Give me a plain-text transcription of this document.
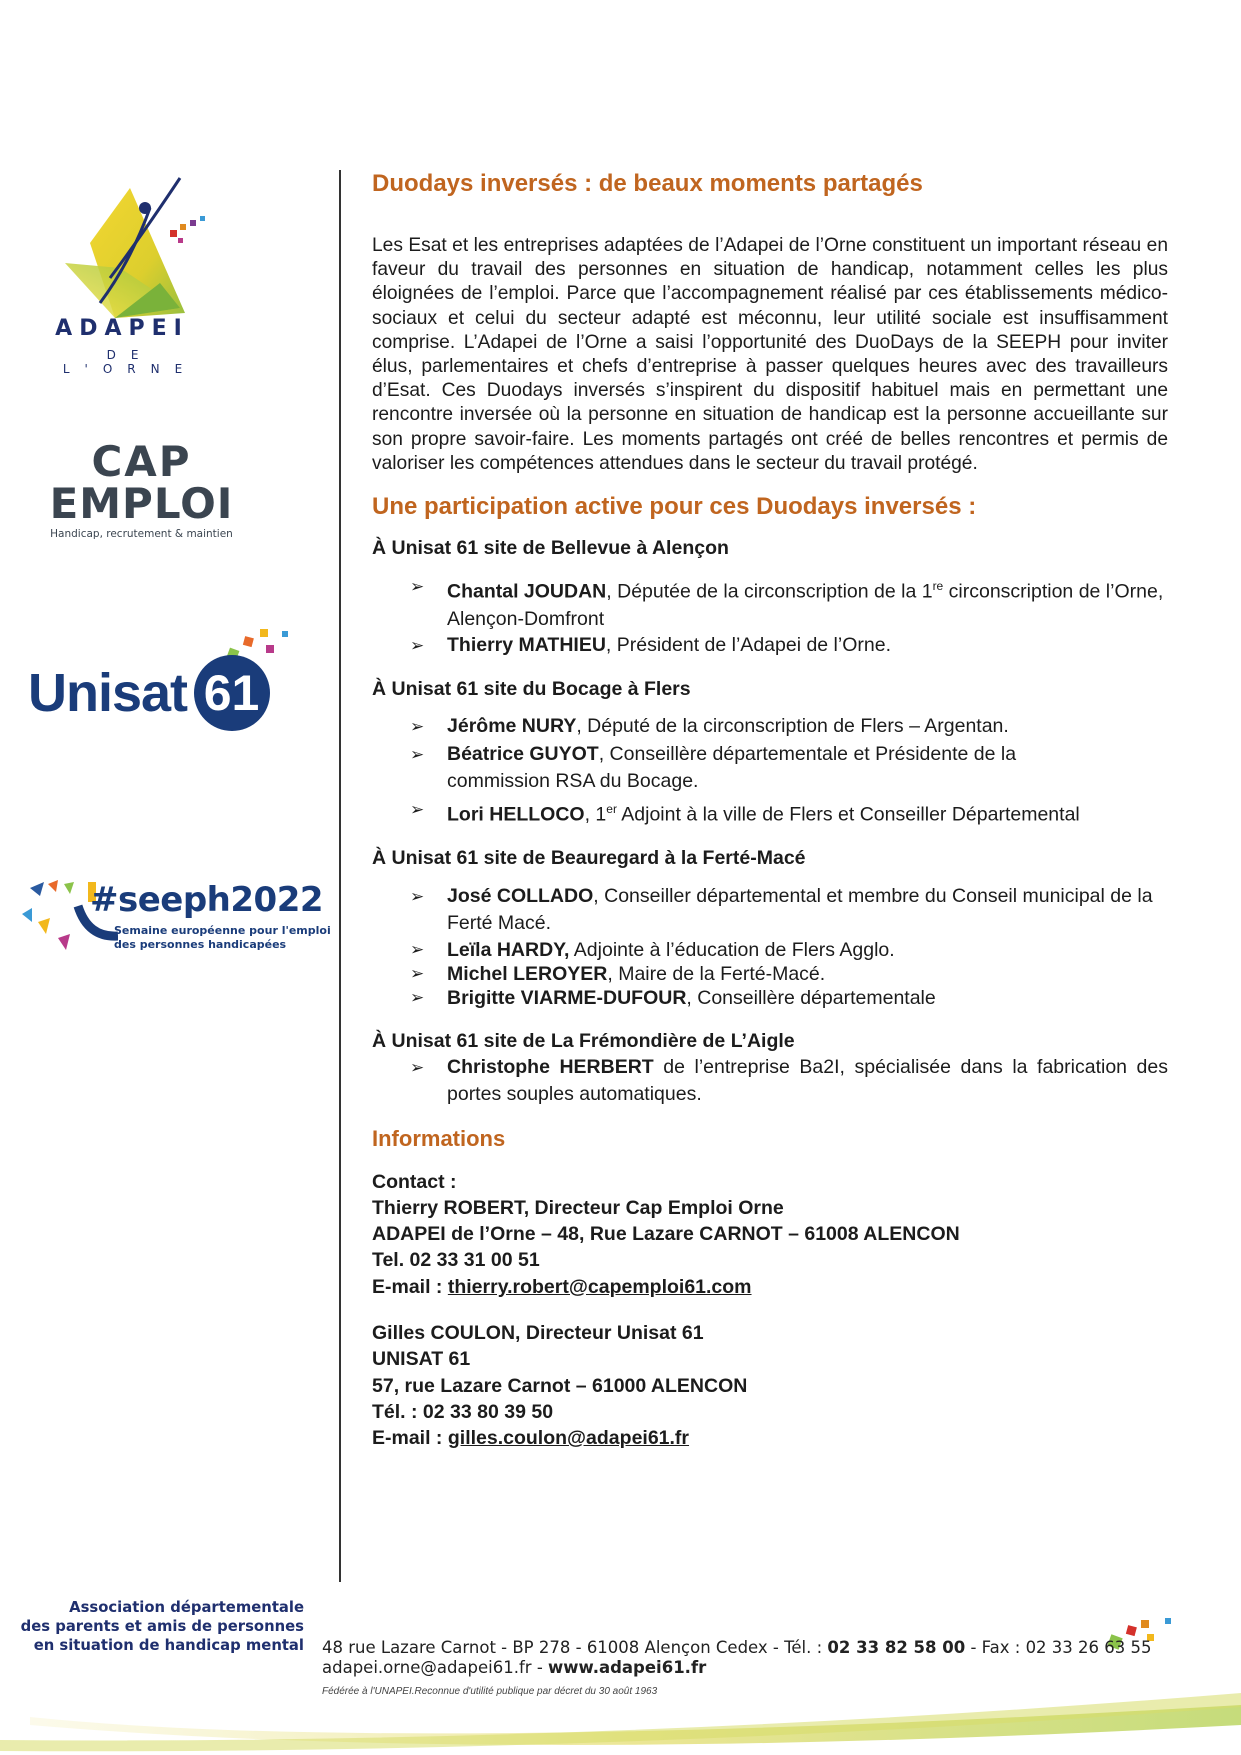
ADAPEI
DE L'ORNE
CAP
EMPLOI
Handicap, recrutement & maintien
Unisat 61
#seeph2022
Semaine européenne pour l'emploi
des personnes handicapées
Duodays inversés : de beaux moments partagés

Les Esat et les entreprises adaptées de l’Adapei de l’Orne constituent un important réseau en faveur du travail des personnes en situation de handicap, notamment celles les plus éloignées de l’emploi. Parce que l’accompagnement réalisé par ces établissements médico-sociaux et celui du secteur adapté est méconnu, leur utilité sociale est insuffisamment comprise. L’Adapei de l’Orne a saisi l’opportunité des DuoDays de la SEEPH pour inviter élus, parlementaires et chefs d’entreprise à passer quelques heures avec des travailleurs d’Esat. Ces Duodays inversés s’inspirent du dispositif habituel mais en permettant une rencontre inversée où la personne en situation de handicap est la personne accueillante sur son propre savoir-faire. Les moments partagés ont créé de belles rencontres et permis de valoriser les compétences attendues dans le secteur du travail protégé.

Une participation active pour ces Duodays inversés :

À Unisat 61 site de Bellevue à Alençon

➢ Chantal JOUDAN, Députée de la circonscription de la 1re circonscription de l’Orne, Alençon-Domfront
➢ Thierry MATHIEU, Président de l’Adapei de l’Orne.

À Unisat 61 site du Bocage à Flers

➢ Jérôme NURY, Député de la circonscription de Flers – Argentan.
➢ Béatrice GUYOT, Conseillère départementale et Présidente de la commission RSA du Bocage.
➢ Lori HELLOCO, 1er Adjoint à la ville de Flers et Conseiller Départemental

À Unisat 61 site de Beauregard à la Ferté-Macé

➢ José COLLADO, Conseiller départemental et membre du Conseil municipal de la Ferté Macé.
➢ Leïla HARDY, Adjointe à l’éducation de Flers Agglo.
➢ Michel LEROYER, Maire de la Ferté-Macé.
➢ Brigitte VIARME-DUFOUR, Conseillère départementale

À Unisat 61 site de La Frémondière de L’Aigle

➢ Christophe HERBERT de l’entreprise Ba2I, spécialisée dans la fabrication des portes souples automatiques.
Informations
Contact :
Thierry ROBERT, Directeur Cap Emploi Orne
ADAPEI de l’Orne – 48, Rue Lazare CARNOT – 61008 ALENCON
Tel. 02 33 31 00 51
E-mail : thierry.robert@capemploi61.com
Gilles COULON, Directeur Unisat 61
UNISAT 61
57, rue Lazare Carnot – 61000 ALENCON
Tél. : 02 33 80 39 50
E-mail : gilles.coulon@adapei61.fr
Association départementale
des parents et amis de personnes
en situation de handicap mental 48 rue Lazare Carnot - BP 278 - 61008 Alençon Cedex - Tél. : 02 33 82 58 00 - Fax : 02 33 26 63 55
adapei.orne@adapei61.fr - www.adapei61.fr
Fédérée à l'UNAPEI.Reconnue d'utilité publique par décret du 30 août 1963
